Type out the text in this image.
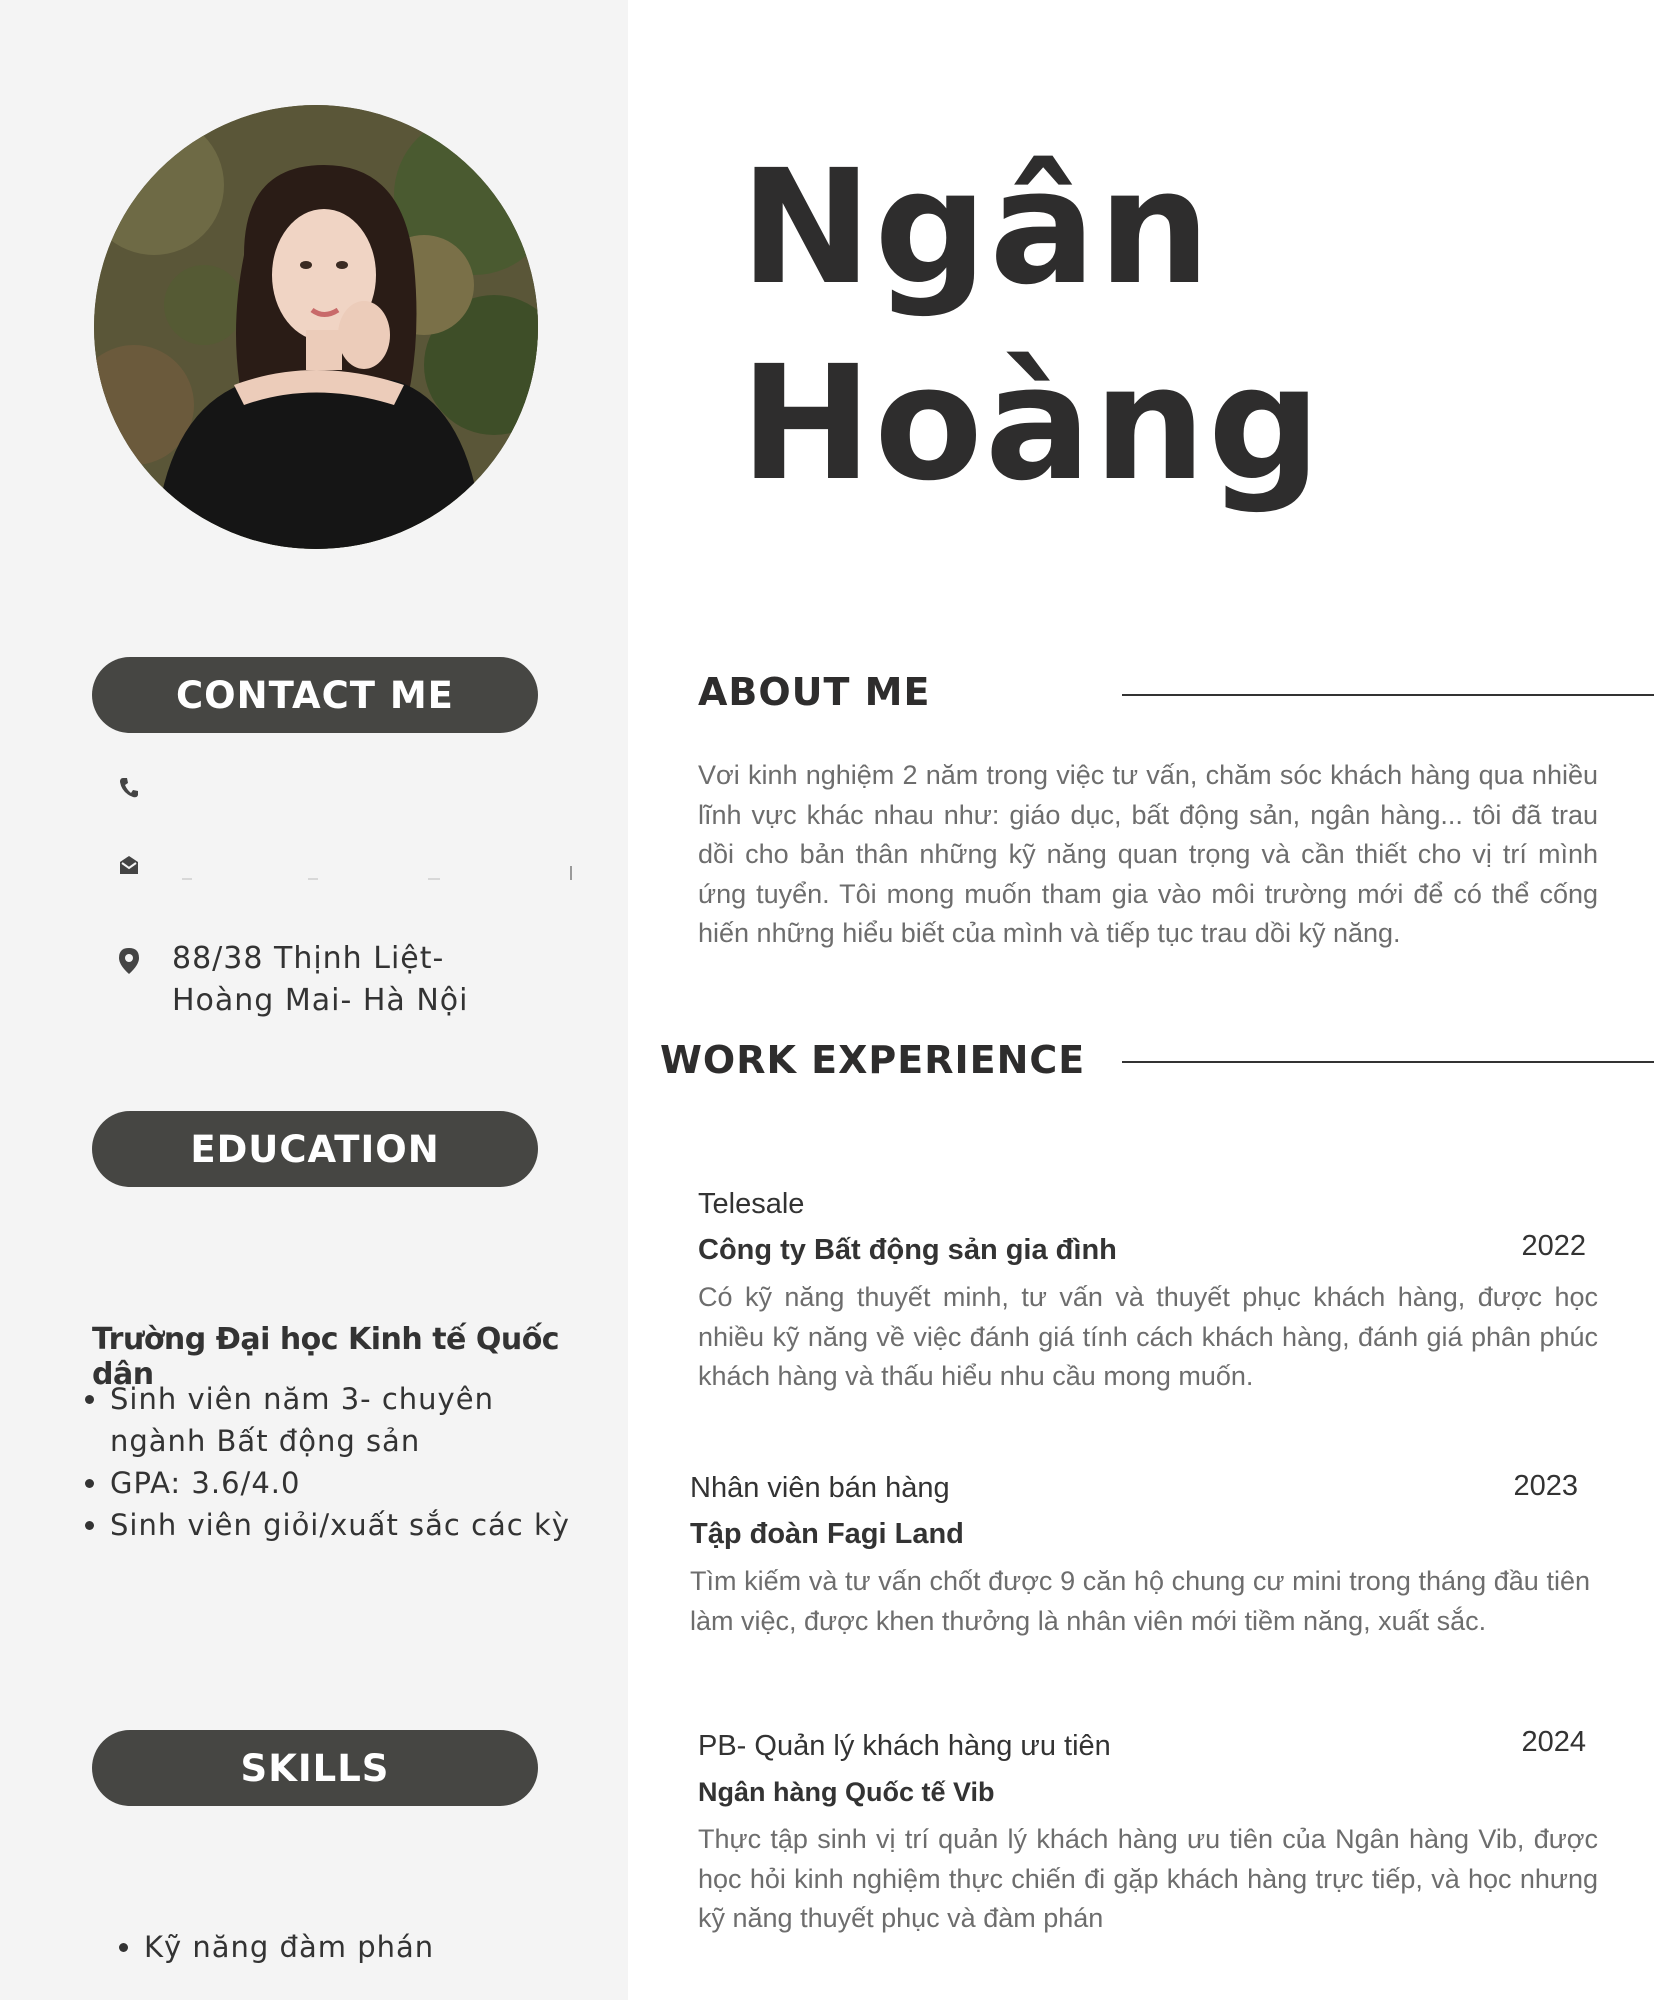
CONTACT ME
88/38 Thịnh Liệt-
Hoàng Mai- Hà Nội
EDUCATION
Trường Đại học Kinh tế Quốc dân
• Sinh viên năm 3- chuyên ngành Bất động sản
• GPA: 3.6/4.0
• Sinh viên giỏi/xuất sắc các kỳ
SKILLS
• Kỹ năng đàm phán
Ngân
Hoàng
ABOUT ME
Vơi kinh nghiệm 2 năm trong việc tư vấn, chăm sóc khách hàng qua nhiều lĩnh vực khác nhau như: giáo dục, bất động sản, ngân hàng... tôi đã trau dồi cho bản thân những kỹ năng quan trọng và cần thiết cho vị trí mình ứng tuyển. Tôi mong muốn tham gia vào môi trường mới để có thể cống hiến những hiểu biết của mình và tiếp tục trau dồi kỹ năng.
WORK EXPERIENCE
Telesale
Công ty Bất động sản gia đình	2022
Có kỹ năng thuyết minh, tư vấn và thuyết phục khách hàng, được học nhiều kỹ năng về việc đánh giá tính cách khách hàng, đánh giá phân phúc khách hàng và thấu hiểu nhu cầu mong muốn.
Nhân viên bán hàng
Tập đoàn Fagi Land
2023
Tìm kiếm và tư vấn chốt được 9 căn hộ chung cư mini trong tháng đầu tiên làm việc, được khen thưởng là nhân viên mới tiềm năng, xuất sắc.
PB- Quản lý khách hàng ưu tiên
Ngân hàng Quốc tế Vib
2024
Thực tập sinh vị trí quản lý khách hàng ưu tiên của Ngân hàng Vib, được học hỏi kinh nghiệm thực chiến đi gặp khách hàng trực tiếp, và học nhưng kỹ năng thuyết phục và đàm phán
